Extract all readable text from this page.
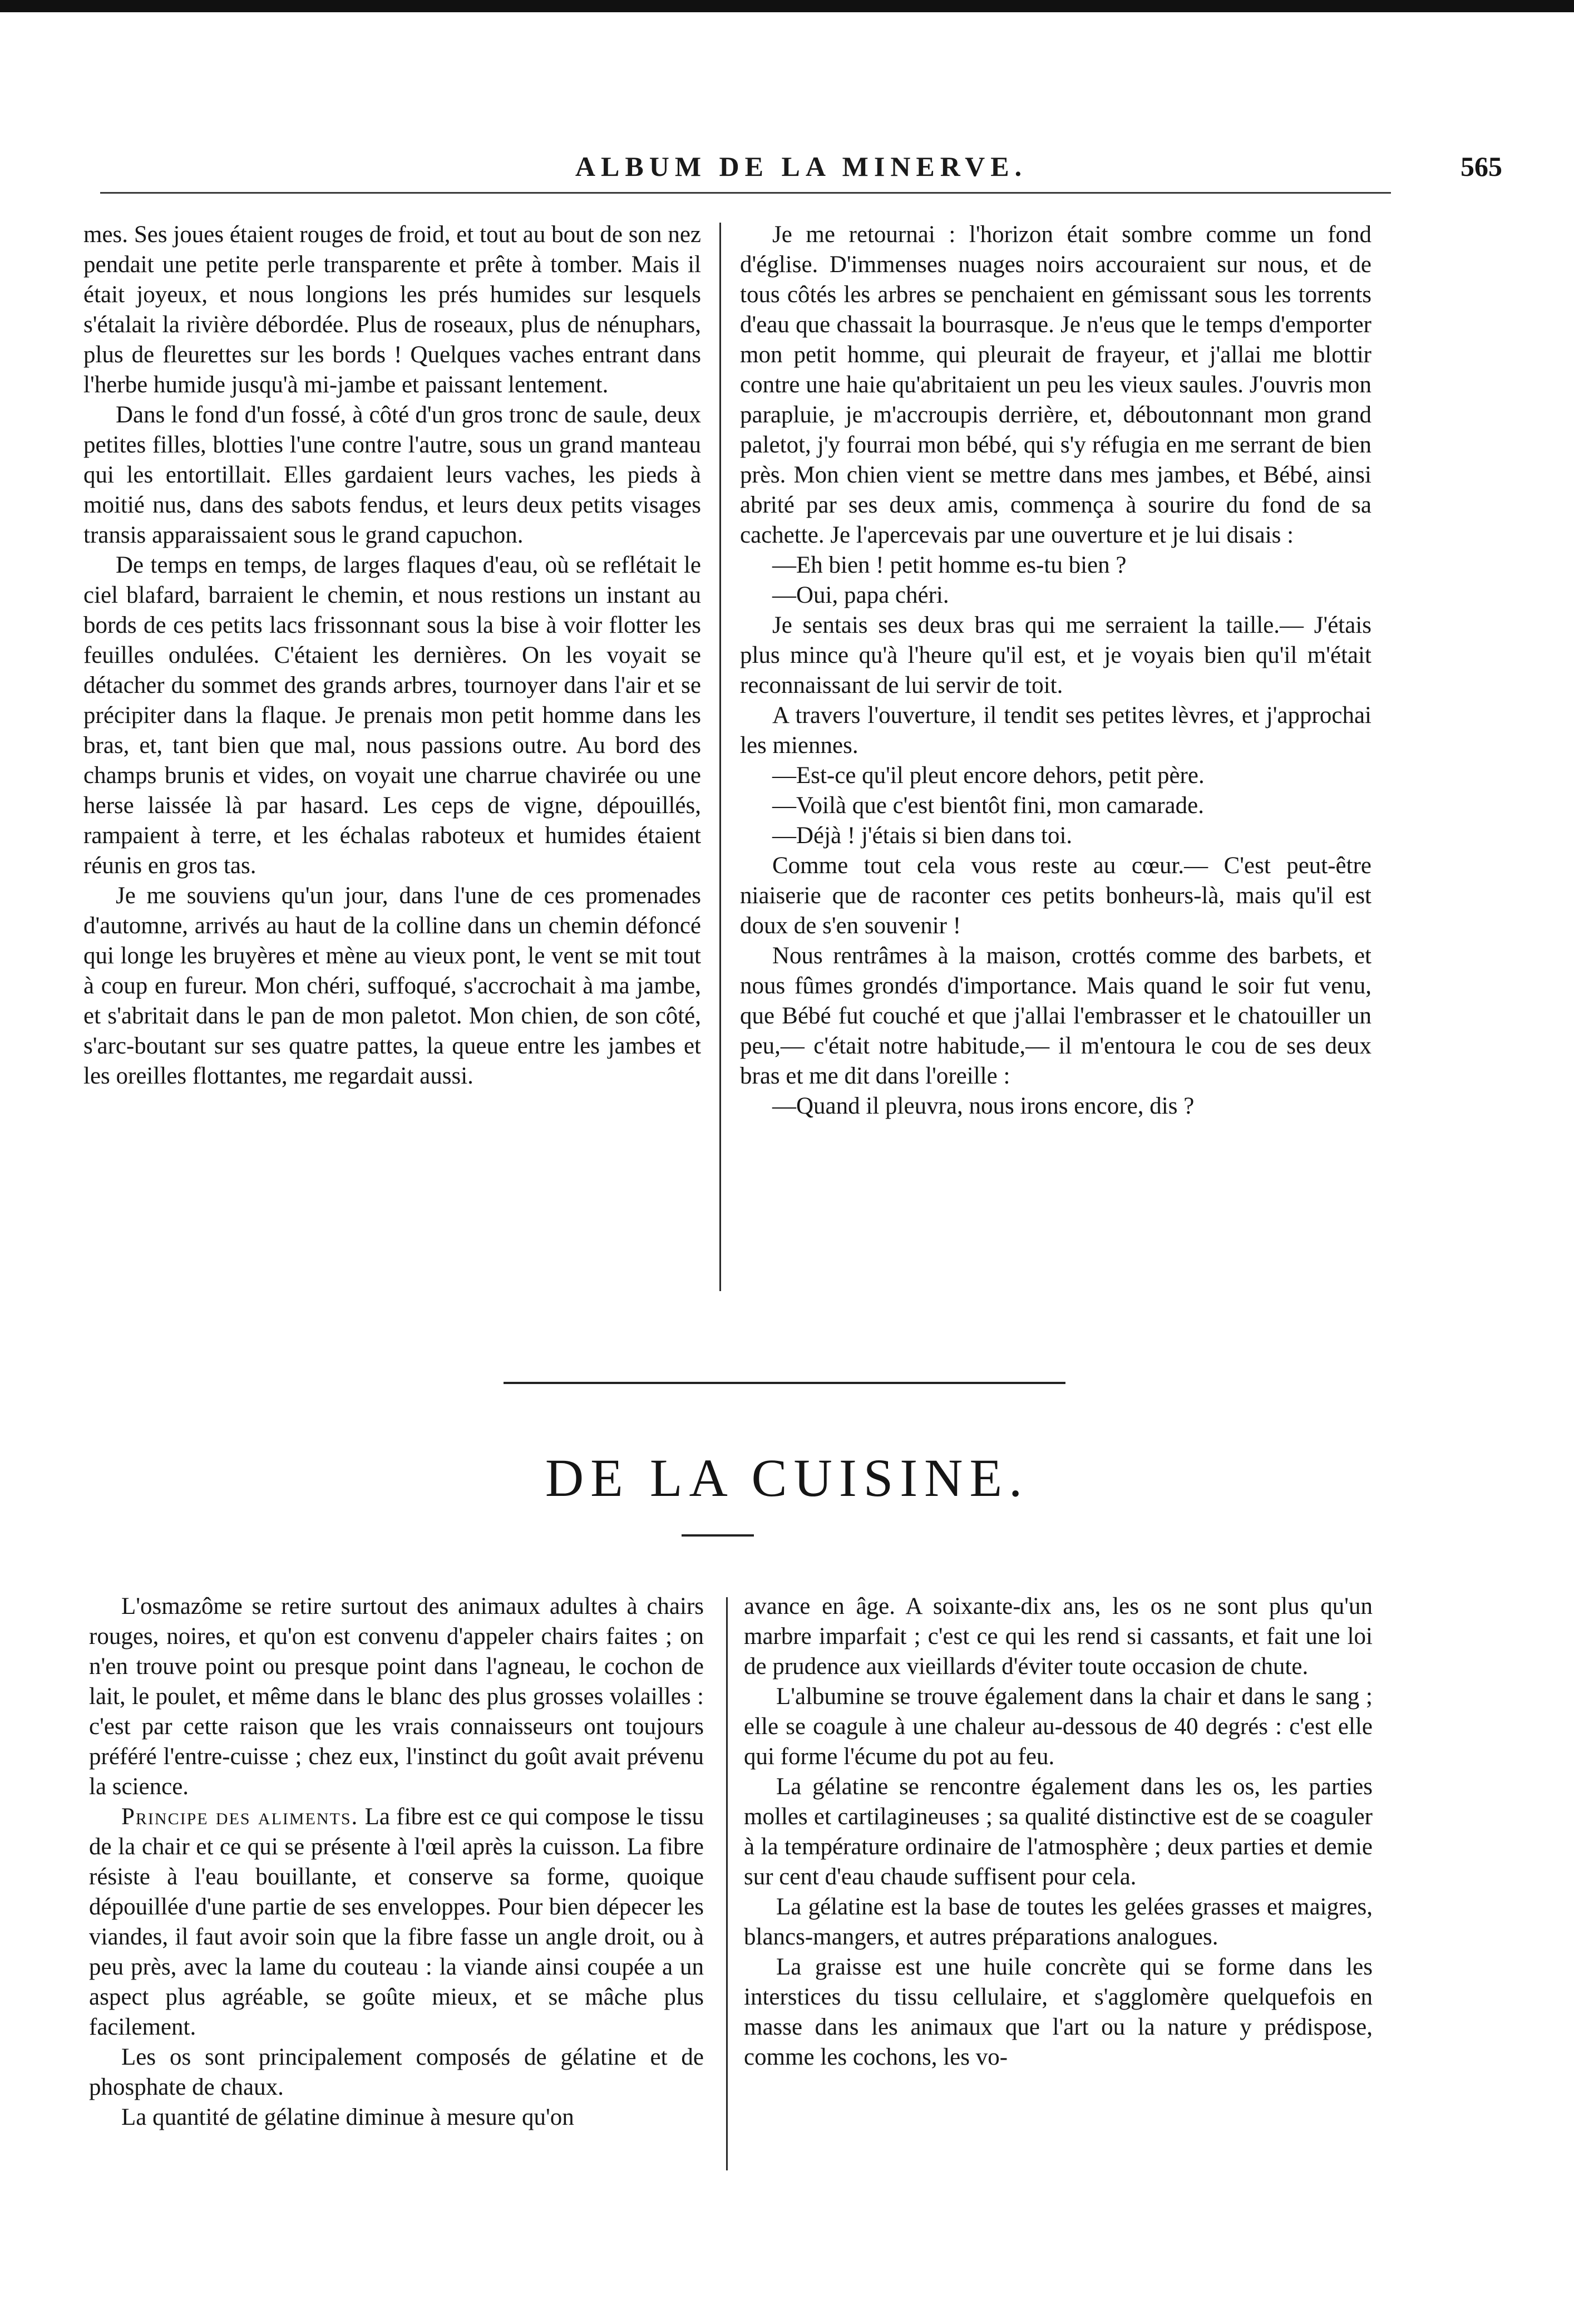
ALBUM DE LA MINERVE.	565

mes. Ses joues étaient rouges de froid, et tout au bout de son nez pendait une petite perle transparente et prête à tomber. Mais il était joyeux, et nous longions les prés humides sur lesquels s'étalait la rivière débordée. Plus de roseaux, plus de nénuphars, plus de fleurettes sur les bords ! Quelques vaches entrant dans l'herbe humide jusqu'à mi-jambe et paissant lentement.

Dans le fond d'un fossé, à côté d'un gros tronc de saule, deux petites filles, blotties l'une contre l'autre, sous un grand manteau qui les entortillait. Elles gardaient leurs vaches, les pieds à moitié nus, dans des sabots fendus, et leurs deux petits visages transis apparaissaient sous le grand capuchon.

De temps en temps, de larges flaques d'eau, où se reflétait le ciel blafard, barraient le chemin, et nous restions un instant au bords de ces petits lacs frissonnant sous la bise à voir flotter les feuilles ondulées. C'étaient les dernières. On les voyait se détacher du sommet des grands arbres, tournoyer dans l'air et se précipiter dans la flaque. Je prenais mon petit homme dans les bras, et, tant bien que mal, nous passions outre. Au bord des champs brunis et vides, on voyait une charrue chavirée ou une herse laissée là par hasard. Les ceps de vigne, dépouillés, rampaient à terre, et les échalas raboteux et humides étaient réunis en gros tas.

Je me souviens qu'un jour, dans l'une de ces promenades d'automne, arrivés au haut de la colline dans un chemin défoncé qui longe les bruyères et mène au vieux pont, le vent se mit tout à coup en fureur. Mon chéri, suffoqué, s'accrochait à ma jambe, et s'abritait dans le pan de mon paletot. Mon chien, de son côté, s'arc-boutant sur ses quatre pattes, la queue entre les jambes et les oreilles flottantes, me regardait aussi.

Je me retournai : l'horizon était sombre comme un fond d'église. D'immenses nuages noirs accouraient sur nous, et de tous côtés les arbres se penchaient en gémissant sous les torrents d'eau que chassait la bourrasque. Je n'eus que le temps d'emporter mon petit homme, qui pleurait de frayeur, et j'allai me blottir contre une haie qu'abritaient un peu les vieux saules. J'ouvris mon parapluie, je m'accroupis derrière, et, déboutonnant mon grand paletot, j'y fourrai mon bébé, qui s'y réfugia en me serrant de bien près. Mon chien vient se mettre dans mes jambes, et Bébé, ainsi abrité par ses deux amis, commença à sourire du fond de sa cachette. Je l'apercevais par une ouverture et je lui disais :

—Eh bien ! petit homme es-tu bien ?

—Oui, papa chéri.

Je sentais ses deux bras qui me serraient la taille.— J'étais plus mince qu'à l'heure qu'il est, et je voyais bien qu'il m'était reconnaissant de lui servir de toit.

A travers l'ouverture, il tendit ses petites lèvres, et j'approchai les miennes.

—Est-ce qu'il pleut encore dehors, petit père.

—Voilà que c'est bientôt fini, mon camarade.

—Déjà ! j'étais si bien dans toi.

Comme tout cela vous reste au cœur.— C'est peut-être niaiserie que de raconter ces petits bonheurs-là, mais qu'il est doux de s'en souvenir !

Nous rentrâmes à la maison, crottés comme des barbets, et nous fûmes grondés d'importance. Mais quand le soir fut venu, que Bébé fut couché et que j'allai l'embrasser et le chatouiller un peu,— c'était notre habitude,— il m'entoura le cou de ses deux bras et me dit dans l'oreille :

—Quand il pleuvra, nous irons encore, dis ?

DE LA CUISINE.

L'osmazôme se retire surtout des animaux adultes à chairs rouges, noires, et qu'on est convenu d'appeler chairs faites ; on n'en trouve point ou presque point dans l'agneau, le cochon de lait, le poulet, et même dans le blanc des plus grosses volailles : c'est par cette raison que les vrais connaisseurs ont toujours préféré l'entre-cuisse ; chez eux, l'instinct du goût avait prévenu la science.

Principe des aliments. La fibre est ce qui compose le tissu de la chair et ce qui se présente à l'œil après la cuisson. La fibre résiste à l'eau bouillante, et conserve sa forme, quoique dépouillée d'une partie de ses enveloppes. Pour bien dépecer les viandes, il faut avoir soin que la fibre fasse un angle droit, ou à peu près, avec la lame du couteau : la viande ainsi coupée a un aspect plus agréable, se goûte mieux, et se mâche plus facilement.

Les os sont principalement composés de gélatine et de phosphate de chaux.

La quantité de gélatine diminue à mesure qu'on

avance en âge. A soixante-dix ans, les os ne sont plus qu'un marbre imparfait ; c'est ce qui les rend si cassants, et fait une loi de prudence aux vieillards d'éviter toute occasion de chute.

L'albumine se trouve également dans la chair et dans le sang ; elle se coagule à une chaleur au-dessous de 40 degrés : c'est elle qui forme l'écume du pot au feu.

La gélatine se rencontre également dans les os, les parties molles et cartilagineuses ; sa qualité distinctive est de se coaguler à la température ordinaire de l'atmosphère ; deux parties et demie sur cent d'eau chaude suffisent pour cela.

La gélatine est la base de toutes les gelées grasses et maigres, blancs-mangers, et autres préparations analogues.

La graisse est une huile concrète qui se forme dans les interstices du tissu cellulaire, et s'agglomère quelquefois en masse dans les animaux que l'art ou la nature y prédispose, comme les cochons, les vo-
